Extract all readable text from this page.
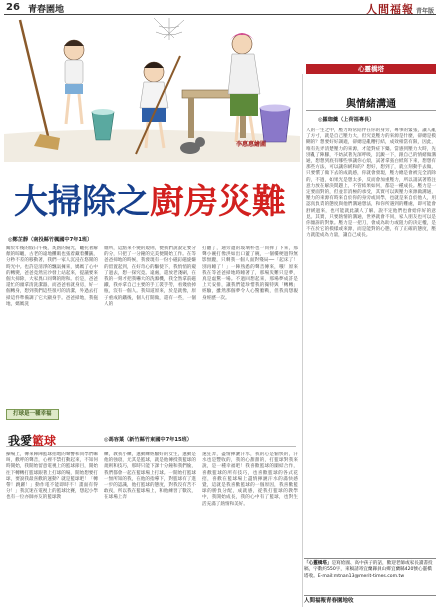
26 青春園地	人間福報 青年版
李惠惠繪圖
大掃除之廚房災難
◎鄭芷靜（南投縣竹楓國中7年1班）
關於年後的假日午後，炙熱的陽光，曬托著解顏的晾曬，古老的遠地攤販也張着藏着攤籤，分秒不差的移動著，我們一家人沉浸在悠閒的時光中。也許是清淨的飄氣擁來，媽媽了心中的轉變，爸爸竟然宣沙發上站起來，提議要來個大掃除，大家異口同聲的附和。於是，爸爸還忙的頭拿清洗潔器，而爸爸看就身房，好一個轉身，想到我們這些很可的清潔，外過去打掃這件準備調了它大顯身手。爸爸掃地，我拖地，媽媽洗
廁所，這點來不變的規則，便我們說說定要分的分，只把了一分鐘的完美便開始工作。在等爸爸掃地的時候，我發現有一份小磁釘磁旋嫌的留置起到，在好奇心的驅使下，我悄悄的窺了過去，想一探究竟。遠處，還放老淺刷，在我的一刻才把我嚇大的洗滌機，我全然拿前磁鐵，我亦拿自己主要的手工裝手勞，看幾放掉瓶，沒有一個人。我知道原來，於是就像，原子重成的鐵後，個人打開做，還有一些，一個人的
打翻了，通旁邊的玻璃杯也一同摔了下來，那聲小碗打像洪如出口蓋了碗，一個樓梗過得無影無蹤，只剩我一個人面對殘局──「起床了！別再睡了！」一陣熟悉的聲音傳來，哦！原來我在等爸爸掃地時睡著了，那場災難只是夢，真是虛驚一場。不過回想起來，那場夢成許是上天安排，讓我們能珍惜我的獨特與「轉轉」經驗，雖然那個夢令人心驚膽戰，但我真想親身經歷一次。
打球是一種幸福
我愛籃球	◎馮容葉（新竹縣竹東國中7年15班）
操場上，傳來陣陣籃球拍地的聲響和同學們嘛叫，歡呼的聲音，心裡不禁打動起來，不知何時開始，我開始留意電視上的籃球節目，開始往下轉轉打籃球跟著上打球的場，開始想要打球，要說我最喜歡的運動？就是籃球吧！「轉帶！跳躍！」動作電不能即時不！畫面有得分！」我沉迷在電視上的籃球比賽，想起小學也有一位亦師亦友的籃球教
練，教我小練，運動練經驗好的女生，運動是他的強項，尤其是籃球，就是他傳授我籃球的規則和技巧，那時只能下課十分鐘和我們偷，我們都會一起在籃球場上打球。一開始打籃球一無所知的我，在他的指導下，對籃球有了進一步的認識，他打籃球的態度，對我沒有苦不敢夜，所以我在籃球場上，和他練習了數次，在球場上奔
速狂奔，盡情揮灑汗水，我的心是愉快的，汗水也是豐收的，我的心甜甜的，打籃球對我來說，是一種幸福吧！我喜歡籃球的團結合作，喜歡籃球的所有技巧，也喜歡籃球的各式花招，喜歡在籃球場上盡情揮灑汗水的滿快感覺，這就是我喜歡籃球的一個原因，我喜歡籃球的勝負分配，成就感，從我打籃球的教學中，我開始成長，我的心中有了籃球，也對生活充滿了熱情和美好。
心靈橋塔
與情緒溝通
◎羅珈羹（上荷福專長）
人的一生之中，壓力時常陪伴在你的身旁，專事的緊張，讓人亂了方寸，就是自己壓力大，但究竟壓力的來源是什麼，卻總是模糊的？想要好好調適，卻總是亂糟打結，成效相當有限，因此，唯有先弄清楚壓力的來源，才能對症下藥。當感到壓力大時，先別亂了陣腳，不妨試著先深呼吸，沉澱一下，跟自己的情緒做溝通，想想到底有哪些事讓你心煩，試著拿張白紙寫下來，想想有那些方法，可以讓你緩和的？想好，想到了，就立刻動手去做，只要慣了做下去的成就感，你就會發現，壓力總是會被完全消除的，不過，如果光是想太多，反而會加重壓力，所以請試著將注意力放在解決問題上，不管結果如何，都是一種成長。壓力是一定要面對的，但並非消極的承受，其實可以與壓力來源做溝通，壓力的來源有時來自於你的身旁或同學，也就是來自於他人，用認真負責的態度與他們溝通想法，和你所遇到的難處，即可能會舒緩過來，也可能就此讓人了解，說不定他們也會給你好的意見。其實，只要熱情的溝通，世界就會不同，家人朋友也可以是你傾訴的對象。壓力是一把刀，會成為助力或阻力的決定權，是不在於它的模樣或來源，而是能對的心態，有了正確的態度，壓力就能成為力量，讓自己成長。
「心靈橋塔」是寫給國、高中孩子的話，歡迎老師或家長讀書投稿，字數約550字，來稿請寄宜蘭縣員山鄉宜蘭縣420號心靈橋塔收。E-mail:mtnan13@merit-times.com.tw
人間福報青春園地收
